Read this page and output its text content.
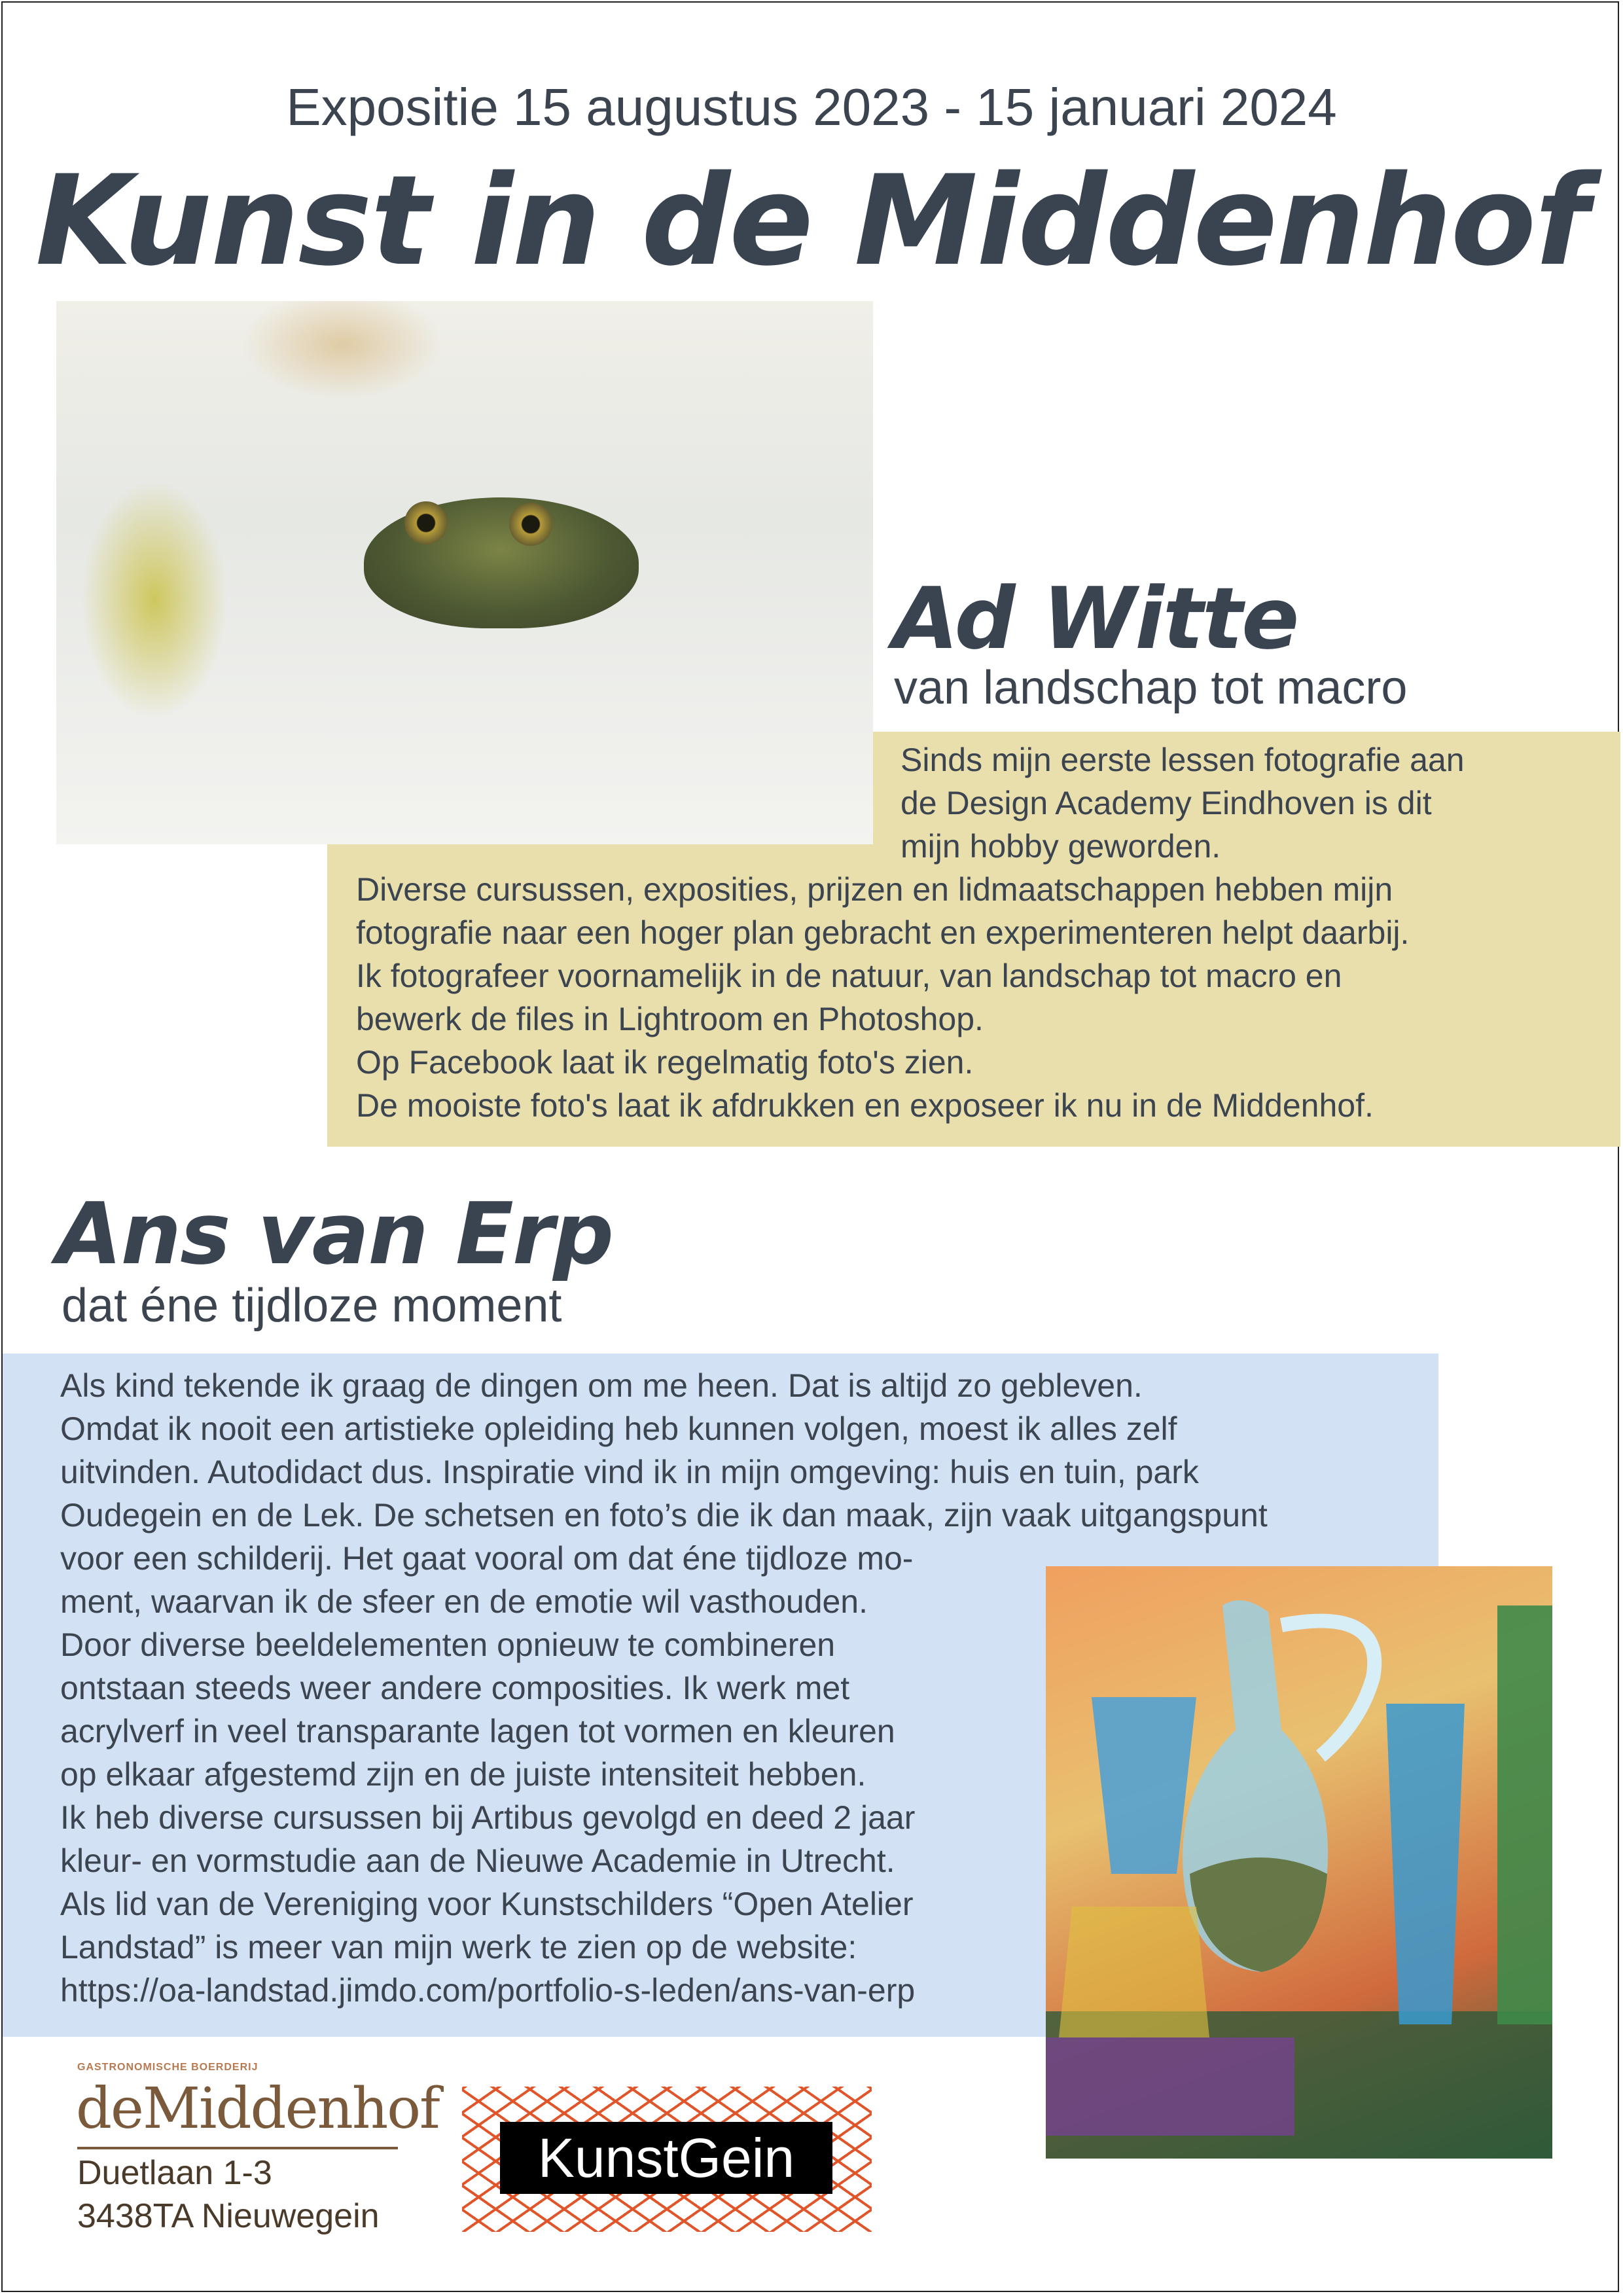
Expositie 15 augustus 2023 - 15 januari 2024
Kunst in de Middenhof
Ad Witte
van landschap tot macro
Sinds mijn eerste lessen fotografie aan
de Design Academy Eindhoven is dit
mijn hobby geworden.
Diverse cursussen, exposities, prijzen en lidmaatschappen hebben mijn
fotografie naar een hoger plan gebracht en experimenteren helpt daarbij.
Ik fotografeer voornamelijk in de natuur, van landschap tot macro en
bewerk de files in Lightroom en Photoshop.
Op Facebook laat ik regelmatig foto's zien.
De mooiste foto's laat ik afdrukken en exposeer ik nu in de Middenhof.
Ans van Erp
dat éne tijdloze moment
Als kind tekende ik graag de dingen om me heen. Dat is altijd zo gebleven.
Omdat ik nooit een artistieke opleiding heb kunnen volgen, moest ik alles zelf
uitvinden. Autodidact dus. Inspiratie vind ik in mijn omgeving: huis en tuin, park
Oudegein en de Lek. De schetsen en foto’s die ik dan maak, zijn vaak uitgangspunt
voor een schilderij. Het gaat vooral om dat éne tijdloze mo-
ment, waarvan ik de sfeer en de emotie wil vasthouden.
Door diverse beeldelementen opnieuw te combineren
ontstaan steeds weer andere composities. Ik werk met
acrylverf in veel transparante lagen tot vormen en kleuren
op elkaar afgestemd zijn en de juiste intensiteit hebben.
Ik heb diverse cursussen bij Artibus gevolgd en deed 2 jaar
kleur- en vormstudie aan de Nieuwe Academie in Utrecht.
Als lid van de Vereniging voor Kunstschilders “Open Atelier
Landstad” is meer van mijn werk te zien op de website:
https://oa-landstad.jimdo.com/portfolio-s-leden/ans-van-erp
GASTRONOMISCHE BOERDERIJ
deMiddenhof
Duetlaan 1-3
3438TA Nieuwegein
KunstGein
